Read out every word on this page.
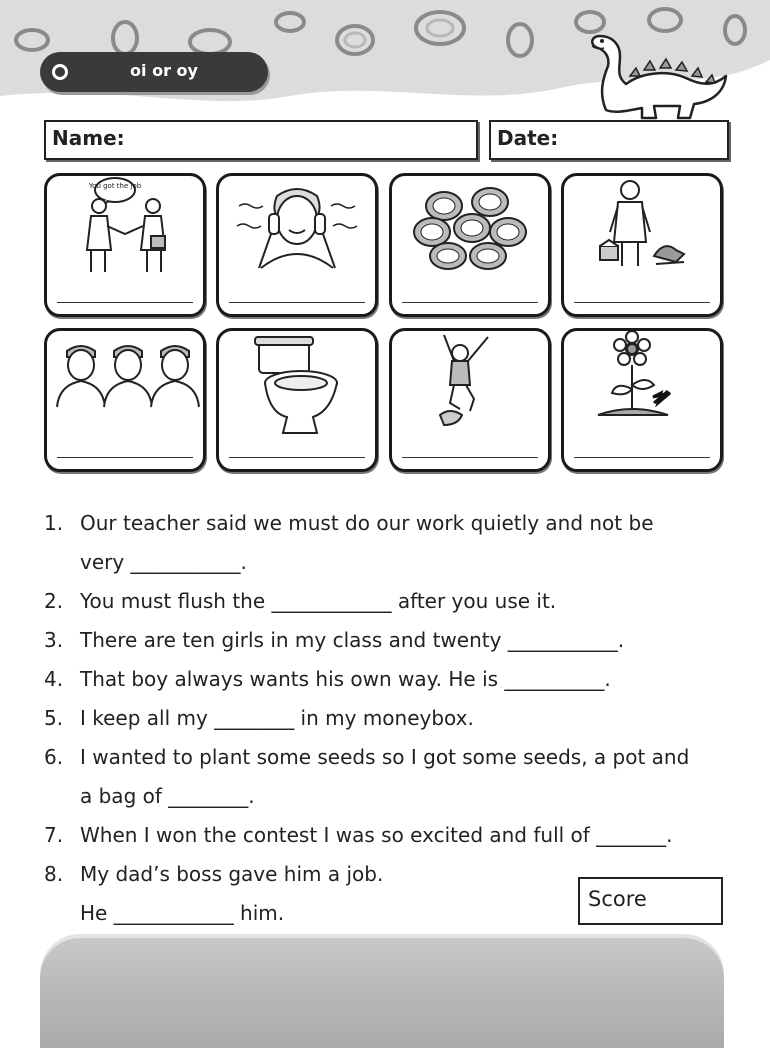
oi or oy
Name:	Date:
You got the job
1. Our teacher said we must do our work quietly and not be
very ___________.
2. You must flush the ____________ after you use it.
3. There are ten girls in my class and twenty ___________.
4. That boy always wants his own way. He is __________.
5. I keep all my ________ in my moneybox.
6. I wanted to plant some seeds so I got some seeds, a pot and
a bag of ________.
7. When I won the contest I was so excited and full of _______.
8. My dad’s boss gave him a job.
He ____________ him.
Score
